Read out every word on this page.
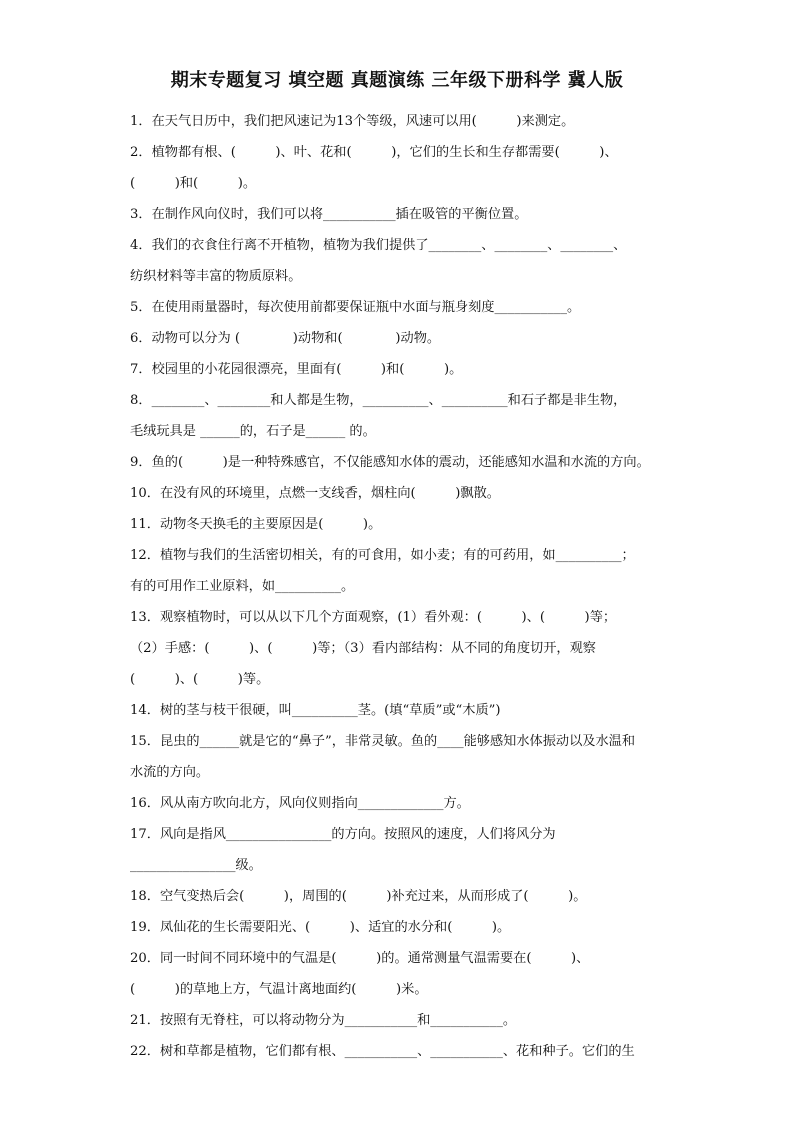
期末专题复习 填空题 真题演练 三年级下册科学 冀人版
1．在天气日历中，我们把风速记为13个等级，风速可以用(　　　)来测定。
2．植物都有根、(　　　)、叶、花和(　　　)，它们的生长和生存都需要(　　　)、
(　　　)和(　　　)。
3．在制作风向仪时，我们可以将___________插在吸管的平衡位置。
4．我们的衣食住行离不开植物，植物为我们提供了________、________、________、
纺织材料等丰富的物质原料。
5．在使用雨量器时，每次使用前都要保证瓶中水面与瓶身刻度___________。
6．动物可以分为 (　　　　)动物和(　　　　)动物。
7．校园里的小花园很漂亮，里面有(　　　)和(　　　)。
8．________、________和人都是生物，__________、__________和石子都是非生物，
毛绒玩具是 ______的，石子是______ 的。
9．鱼的(　　　)是一种特殊感官，不仅能感知水体的震动，还能感知水温和水流的方向。
10．在没有风的环境里，点燃一支线香，烟柱向(　　　)飘散。
11．动物冬天换毛的主要原因是(　　　)。
12．植物与我们的生活密切相关，有的可食用，如小麦；有的可药用，如__________；
有的可用作工业原料，如__________。
13．观察植物时，可以从以下几个方面观察，(1）看外观：(　　　)、(　　　)等；
（2）手感：(　　　)、(　　　)等；（3）看内部结构：从不同的角度切开，观察
(　　　)、(　　　)等。
14．树的茎与枝干很硬，叫__________茎。(填“草质”或“木质”)
15．昆虫的______就是它的“鼻子”，非常灵敏。鱼的____能够感知水体振动以及水温和
水流的方向。
16．风从南方吹向北方，风向仪则指向_____________方。
17．风向是指风________________的方向。按照风的速度，人们将风分为
________________级。
18．空气变热后会(　　　)，周围的(　　　)补充过来，从而形成了(　　　)。
19．凤仙花的生长需要阳光、(　　　)、适宜的水分和(　　　)。
20．同一时间不同环境中的气温是(　　　)的。通常测量气温需要在(　　　)、
(　　　)的草地上方，气温计离地面约(　　　)米。
21．按照有无脊柱，可以将动物分为___________和___________。
22．树和草都是植物，它们都有根、___________、___________、花和种子。它们的生
